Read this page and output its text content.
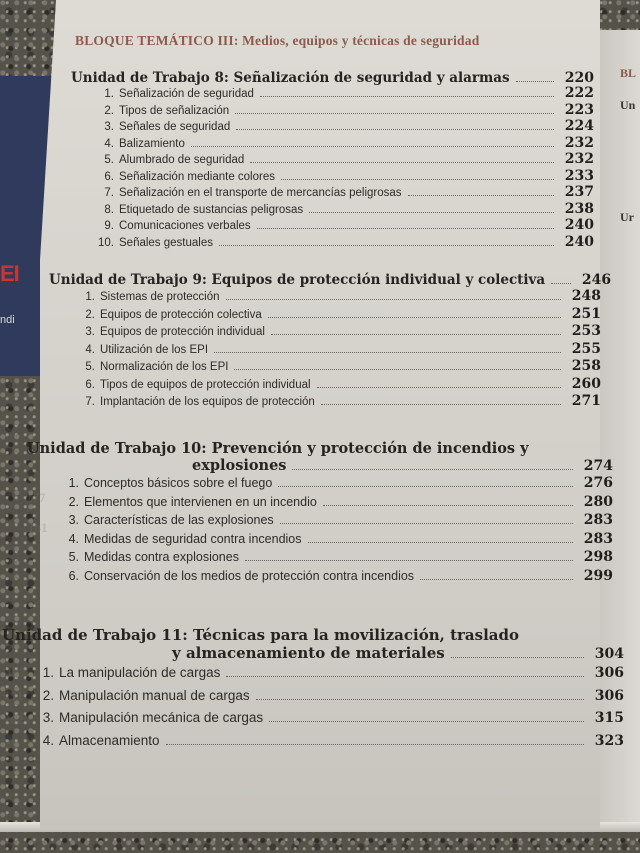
EI
ndi
BL
Un
Ur
177
181
197
191
202
21
BLOQUE TEMÁTICO III: Medios, equipos y técnicas de seguridad
Unidad de Trabajo 8: Señalización de seguridad y alarmas	220
1. Señalización de seguridad	222
2. Tipos de señalización	223
3. Señales de seguridad	224
4. Balizamiento	232
5. Alumbrado de seguridad	232
6. Señalización mediante colores	233
7. Señalización en el transporte de mercancías peligrosas	237
8. Etiquetado de sustancias peligrosas	238
9. Comunicaciones verbales	240
10. Señales gestuales	240
Unidad de Trabajo 9: Equipos de protección individual y colectiva	246
1. Sistemas de protección	248
2. Equipos de protección colectiva	251
3. Equipos de protección individual	253
4. Utilización de los EPI	255
5. Normalización de los EPI	258
6. Tipos de equipos de protección individual	260
7. Implantación de los equipos de protección	271
Unidad de Trabajo 10: Prevención y protección de incendios y
explosiones	274
1. Conceptos básicos sobre el fuego	276
2. Elementos que intervienen en un incendio	280
3. Características de las explosiones	283
4. Medidas de seguridad contra incendios	283
5. Medidas contra explosiones	298
6. Conservación de los medios de protección contra incendios	299
Unidad de Trabajo 11: Técnicas para la movilización, traslado
y almacenamiento de materiales	304
1. La manipulación de cargas	306
2. Manipulación manual de cargas	306
3. Manipulación mecánica de cargas	315
4. Almacenamiento	323
